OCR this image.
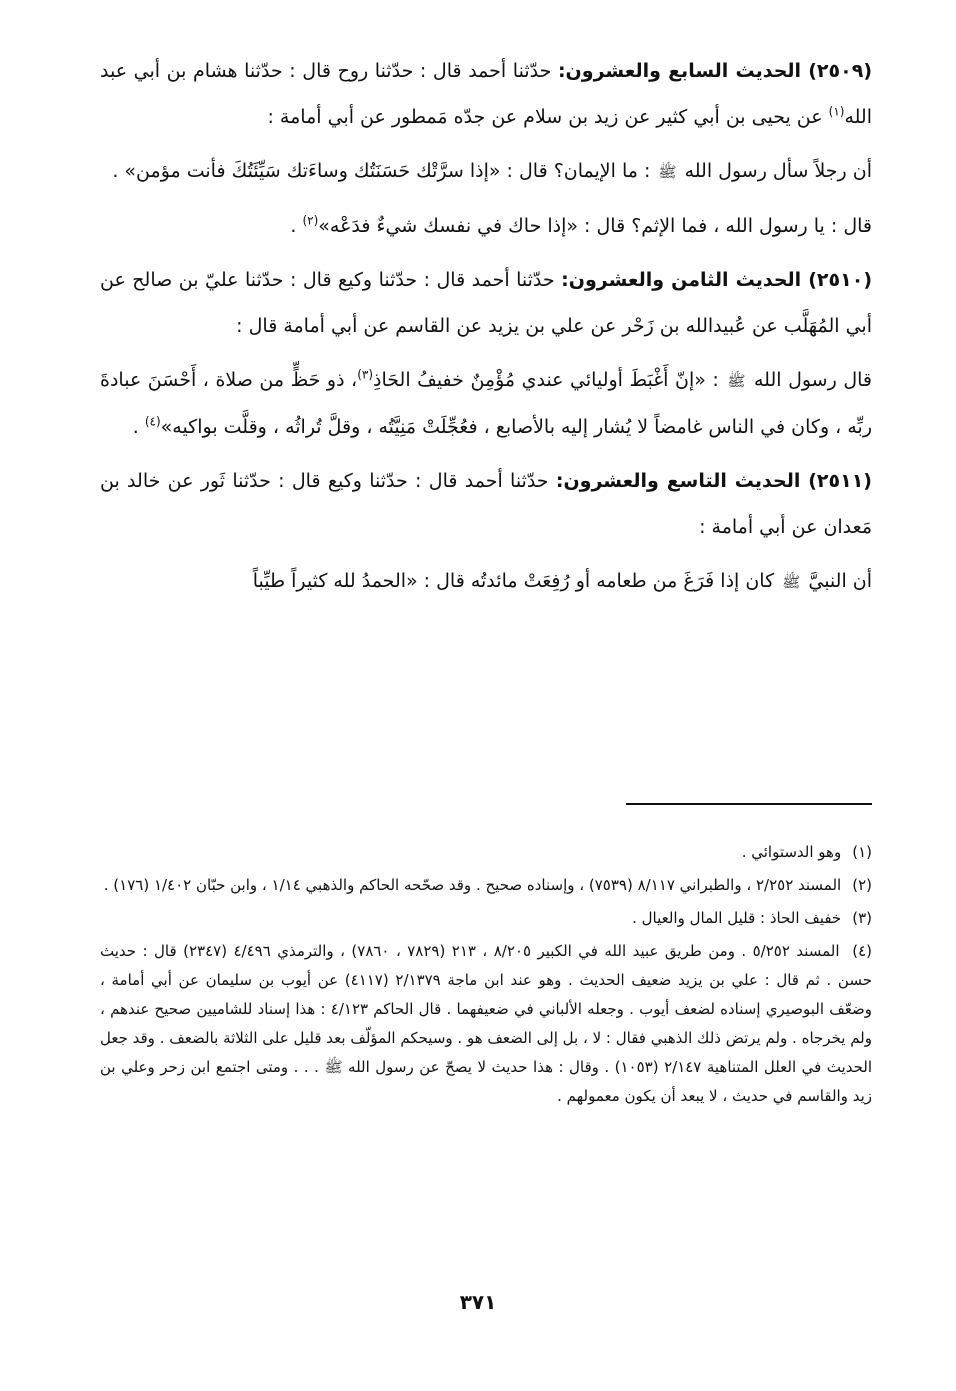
(٢٥٠٩) الحديث السابع والعشرون: حدّثنا أحمد قال : حدّثنا روح قال : حدّثنا هشام بن أبي عبد الله$^{(١)}$ عن يحيى بن أبي كثير عن زيد بن سلام عن جدّه مَمطور عن أبي أمامة :

أن رجلاً سأل رسول الله ﷺ : ما الإيمان؟ قال : «إذا سرَّتْك حَسَنَتُك وساءَتك سَيِّئَتُكَ فأنت مؤمن» .

قال : يا رسول الله ، فما الإثم؟ قال : «إذا حاك في نفسك شيءٌ فدَعْه»$^{(٢)}$ .

(٢٥١٠) الحديث الثامن والعشرون: حدّثنا أحمد قال : حدّثنا وكيع قال : حدّثنا عليّ بن صالح عن أبي المُهَلَّب عن عُبيدالله بن زَحْر عن علي بن يزيد عن القاسم عن أبي أمامة قال :

قال رسول الله ﷺ : «إنّ أَغْبَطَ أوليائي عندي مُؤْمِنٌ خفيفُ الحَاذِ$^{(٣)}$، ذو حَظٍّ من صلاة ، أَحْسَنَ عبادةَ ربِّه ، وكان في الناس غامضاً لا يُشار إليه بالأصابع ، فعُجِّلَتْ مَنِيَّتُه ، وقلَّ تُراثُه ، وقلَّت بواكيه»$^{(٤)}$ .

(٢٥١١) الحديث التاسع والعشرون: حدّثنا أحمد قال : حدّثنا وكيع قال : حدّثنا ثَور عن خالد بن مَعدان عن أبي أمامة :

أن النبيَّ ﷺ كان إذا فَرَغَ من طعامه أو رُفِعَتْ مائدتُه قال : «الحمدُ لله كثيراً طيِّباً

(١) وهو الدستوائي .

(٢) المسند ٢/٢٥٢ ، والطبراني ٨/١١٧ (٧٥٣٩) ، وإسناده صحيح . وقد صحّحه الحاكم والذهبي ١/١٤ ، وابن حبّان ١/٤٠٢ (١٧٦) .

(٣) خفيف الحاذ : قليل المال والعيال .

(٤) المسند ٥/٢٥٢ . ومن طريق عبيد الله في الكبير ٨/٢٠٥ ، ٢١٣ (٧٨٢٩ ، ٧٨٦٠) ، والترمذي ٤/٤٩٦ (٢٣٤٧) قال : حديث حسن . ثم قال : علي بن يزيد ضعيف الحديث . وهو عند ابن ماجة ٢/١٣٧٩ (٤١١٧) عن أيوب بن سليمان عن أبي أمامة ، وضعّف البوصيري إسناده لضعف أيوب . وجعله الألباني في ضعيفهما . قال الحاكم ٤/١٢٣ : هذا إسناد للشاميين صحيح عندهم ، ولم يخرجاه . ولم يرتض ذلك الذهبي فقال : لا ، بل إلى الضعف هو . وسيحكم المؤلّف بعد قليل على الثلاثة بالضعف . وقد جعل الحديث في العلل المتناهية ٢/١٤٧ (١٠٥٣) . وقال : هذا حديث لا يصحّ عن رسول الله ﷺ . . . ومتى اجتمع ابن زحر وعلي بن زيد والقاسم في حديث ، لا يبعد أن يكون معمولهم .

٣٧١
